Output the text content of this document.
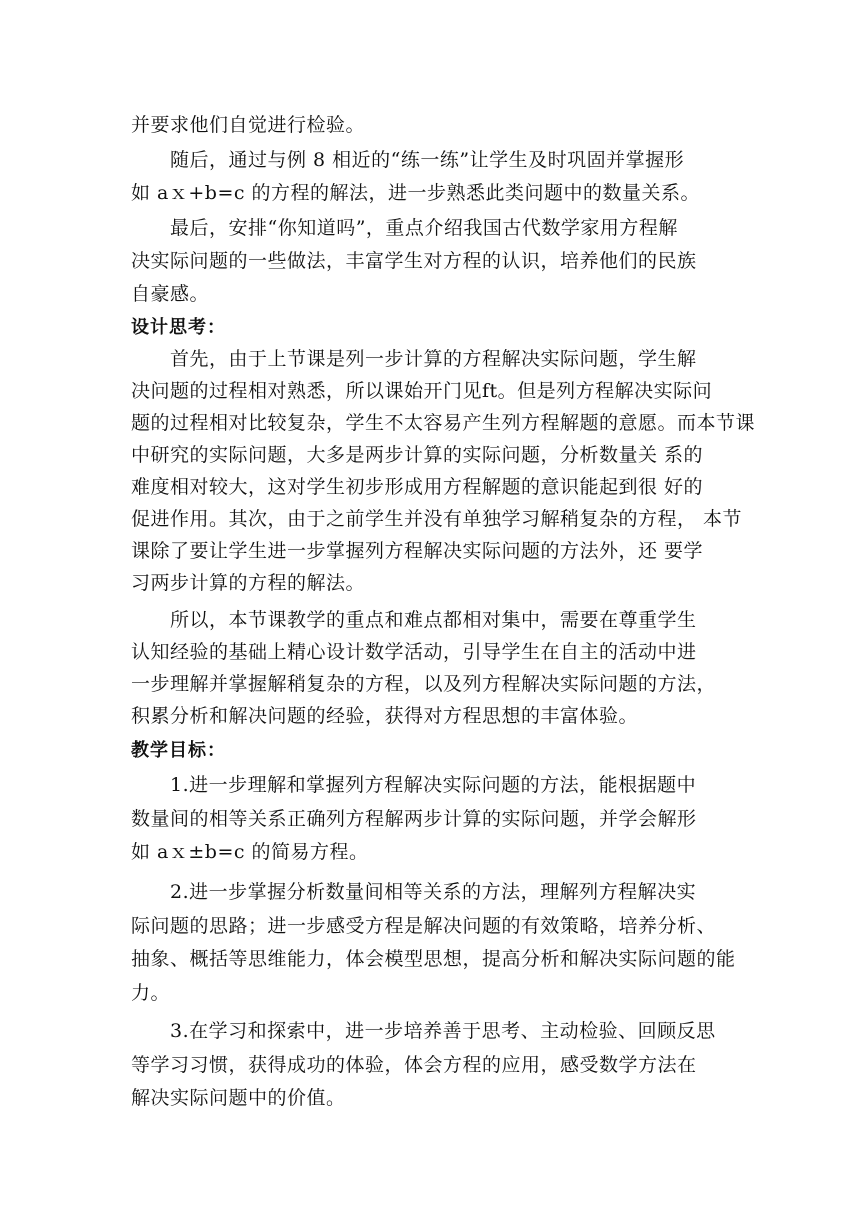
并要求他们自觉进行检验。
随后，通过与例 8 相近的“练一练”让学生及时巩固并掌握形
如 aｘ+b=c 的方程的解法，进一步熟悉此类问题中的数量关系。
最后，安排“你知道吗”，重点介绍我国古代数学家用方程解
决实际问题的一些做法，丰富学生对方程的认识，培养他们的民族
自豪感。
设计思考：
首先，由于上节课是列一步计算的方程解决实际问题，学生解
决问题的过程相对熟悉，所以课始开门见ft。但是列方程解决实际问
题的过程相对比较复杂，学生不太容易产生列方程解题的意愿。而本节课
中研究的实际问题，大多是两步计算的实际问题，分析数量关 系的
难度相对较大，这对学生初步形成用方程解题的意识能起到很 好的
促进作用。其次，由于之前学生并没有单独学习解稍复杂的方程， 本节
课除了要让学生进一步掌握列方程解决实际问题的方法外，还 要学
习两步计算的方程的解法。
所以，本节课教学的重点和难点都相对集中，需要在尊重学生
认知经验的基础上精心设计数学活动，引导学生在自主的活动中进
一步理解并掌握解稍复杂的方程，以及列方程解决实际问题的方法，
积累分析和解决问题的经验，获得对方程思想的丰富体验。
教学目标：
1.进一步理解和掌握列方程解决实际问题的方法，能根据题中
数量间的相等关系正确列方程解两步计算的实际问题，并学会解形
如 aｘ±b=c 的简易方程。
2.进一步掌握分析数量间相等关系的方法，理解列方程解决实
际问题的思路；进一步感受方程是解决问题的有效策略，培养分析、
抽象、概括等思维能力，体会模型思想，提高分析和解决实际问题的能
力。
3.在学习和探索中，进一步培养善于思考、主动检验、回顾反思
等学习习惯，获得成功的体验，体会方程的应用，感受数学方法在
解决实际问题中的价值。
